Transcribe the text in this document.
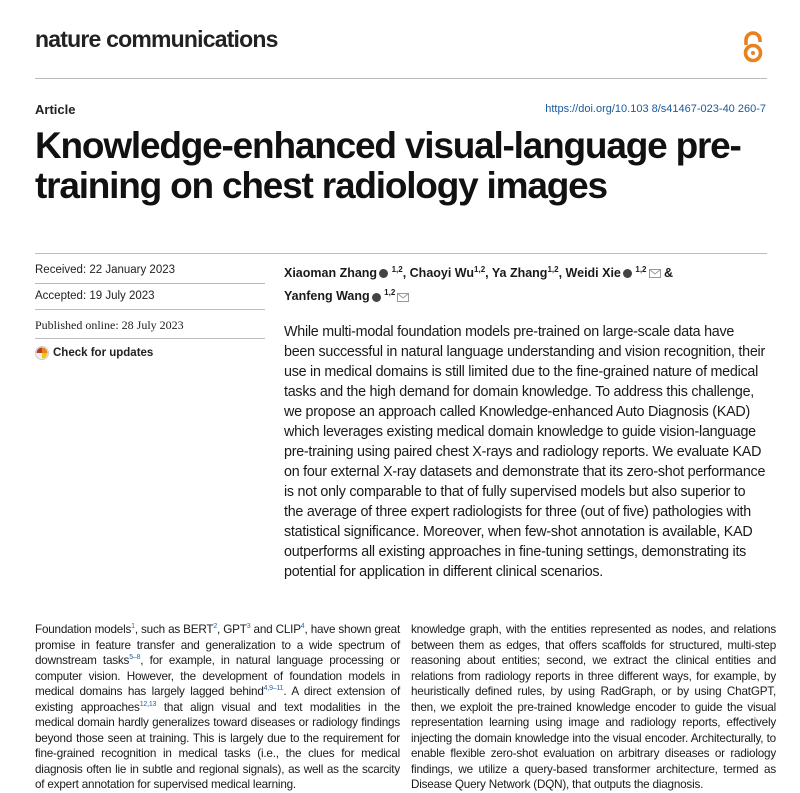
nature communications
Article	https://doi.org/10.103 8/s41467-023-40 260-7
Knowledge-enhanced visual-language pre-training on chest radiology images
Received: 22 January 2023
Accepted: 19 July 2023
Published online: 28 July 2023
Check for updates
Xiaoman Zhang $^{1,2}$, Chaoyi Wu$^{1,2}$, Ya Zhang$^{1,2}$, Weidi Xie $^{1,2}$ &
Yanfeng Wang $^{1,2}$

While multi-modal foundation models pre-trained on large-scale data have been successful in natural language understanding and vision recognition, their use in medical domains is still limited due to the fine-grained nature of medical tasks and the high demand for domain knowledge. To address this challenge, we propose an approach called Knowledge-enhanced Auto Diagnosis (KAD) which leverages existing medical domain knowledge to guide vision-language pre-training using paired chest X-rays and radiology reports. We evaluate KAD on four external X-ray datasets and demonstrate that its zero-shot performance is not only comparable to that of fully supervised models but also superior to the average of three expert radiologists for three (out of five) pathologies with statistical significance. Moreover, when few-shot annotation is available, KAD outperforms all existing approaches in fine-tuning settings, demonstrating its potential for application in different clinical scenarios.

Foundation models$^1$, such as BERT$^2$, GPT$^3$ and CLIP$^4$, have shown great promise in feature transfer and generalization to a wide spectrum of downstream tasks$^{5-8}$, for example, in natural language processing or computer vision. However, the development of foundation models in medical domains has largely lagged behind$^{4,9-11}$. A direct extension of existing approaches$^{12,13}$ that align visual and text modalities in the medical domain hardly generalizes toward diseases or radiology findings beyond those seen at training. This is largely due to the requirement for fine-grained recognition in medical tasks (i.e., the clues for medical diagnosis often lie in subtle and regional signals), as well as the scarcity of expert annotation for supervised medical learning.

knowledge graph, with the entities represented as nodes, and relations between them as edges, that offers scaffolds for structured, multi-step reasoning about entities; second, we extract the clinical entities and relations from radiology reports in three different ways, for example, by heuristically defined rules, by using RadGraph, or by using ChatGPT, then, we exploit the pre-trained knowledge encoder to guide the visual representation learning using image and radiology reports, effectively injecting the domain knowledge into the visual encoder. Architecturally, to enable flexible zero-shot evaluation on arbitrary diseases or radiology findings, we utilize a query-based transformer architecture, termed as Disease Query Network (DQN), that outputs the diagnosis.
